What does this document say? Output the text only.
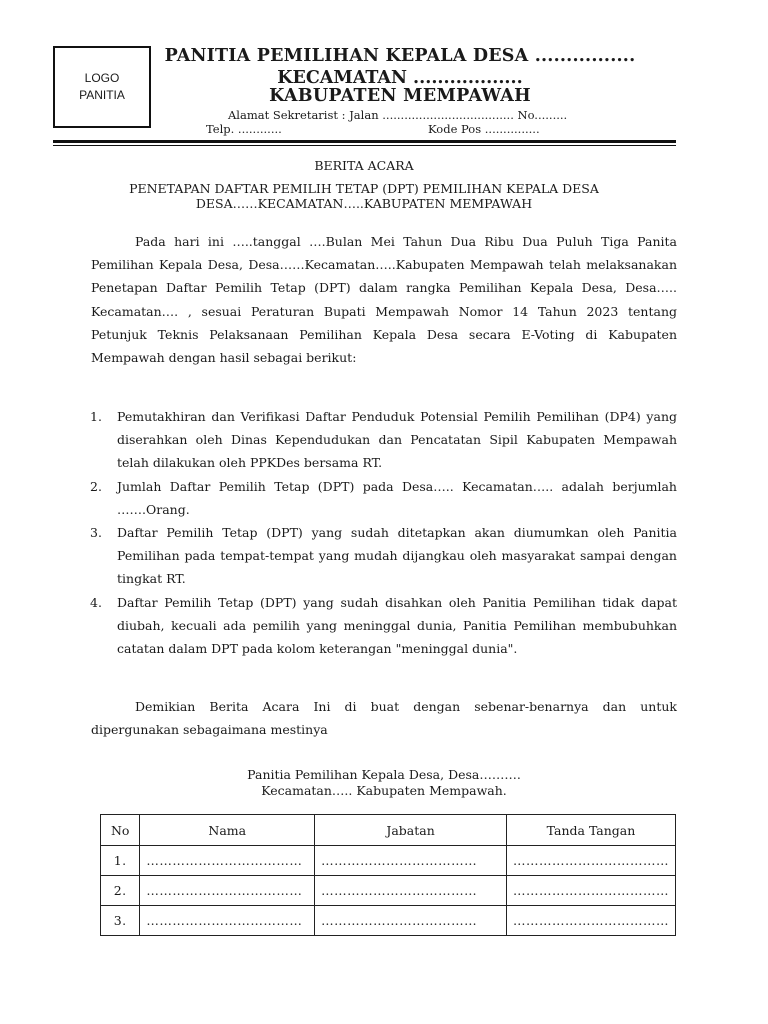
LOGO
PANITIA
PANITIA PEMILIHAN KEPALA DESA ................
KECAMATAN ..................
KABUPATEN MEMPAWAH
Alamat Sekretarist : Jalan .................................... No.........
Telp. ............	Kode Pos ...............
BERITA ACARA
PENETAPAN DAFTAR PEMILIH TETAP (DPT) PEMILIHAN KEPALA DESA
DESA……KECAMATAN…..KABUPATEN MEMPAWAH

Pada hari ini …..tanggal ….Bulan Mei Tahun Dua Ribu Dua Puluh Tiga Panita Pemilihan Kepala Desa, Desa……Kecamatan…..Kabupaten Mempawah telah melaksanakan Penetapan Daftar Pemilih Tetap (DPT) dalam rangka Pemilihan Kepala Desa, Desa….. Kecamatan…. , sesuai Peraturan Bupati Mempawah Nomor 14 Tahun 2023 tentang Petunjuk Teknis Pelaksanaan Pemilihan Kepala Desa secara E-Voting di Kabupaten Mempawah dengan hasil sebagai berikut:

1. Pemutakhiran dan Verifikasi Daftar Penduduk Potensial Pemilih Pemilihan (DP4) yang diserahkan oleh Dinas Kependudukan dan Pencatatan Sipil Kabupaten Mempawah telah dilakukan oleh PPKDes bersama RT.
2. Jumlah Daftar Pemilih Tetap (DPT) pada Desa….. Kecamatan….. adalah berjumlah …….Orang.
3. Daftar Pemilih Tetap (DPT) yang sudah ditetapkan akan diumumkan oleh Panitia Pemilihan pada tempat-tempat yang mudah dijangkau oleh masyarakat sampai dengan tingkat RT.
4. Daftar Pemilih Tetap (DPT) yang sudah disahkan oleh Panitia Pemilihan tidak dapat diubah, kecuali ada pemilih yang meninggal dunia, Panitia Pemilihan membubuhkan catatan dalam DPT pada kolom keterangan "meninggal dunia".

Demikian Berita Acara Ini di buat dengan sebenar-benarnya dan untuk dipergunakan sebagaimana mestinya

Panitia Pemilihan Kepala Desa, Desa……….
Kecamatan….. Kabupaten Mempawah.
No	Nama	Jabatan	Tanda Tangan
1.	………………………………	………………………………	………………………………
2.	………………………………	………………………………	………………………………
3.	………………………………	………………………………	………………………………
